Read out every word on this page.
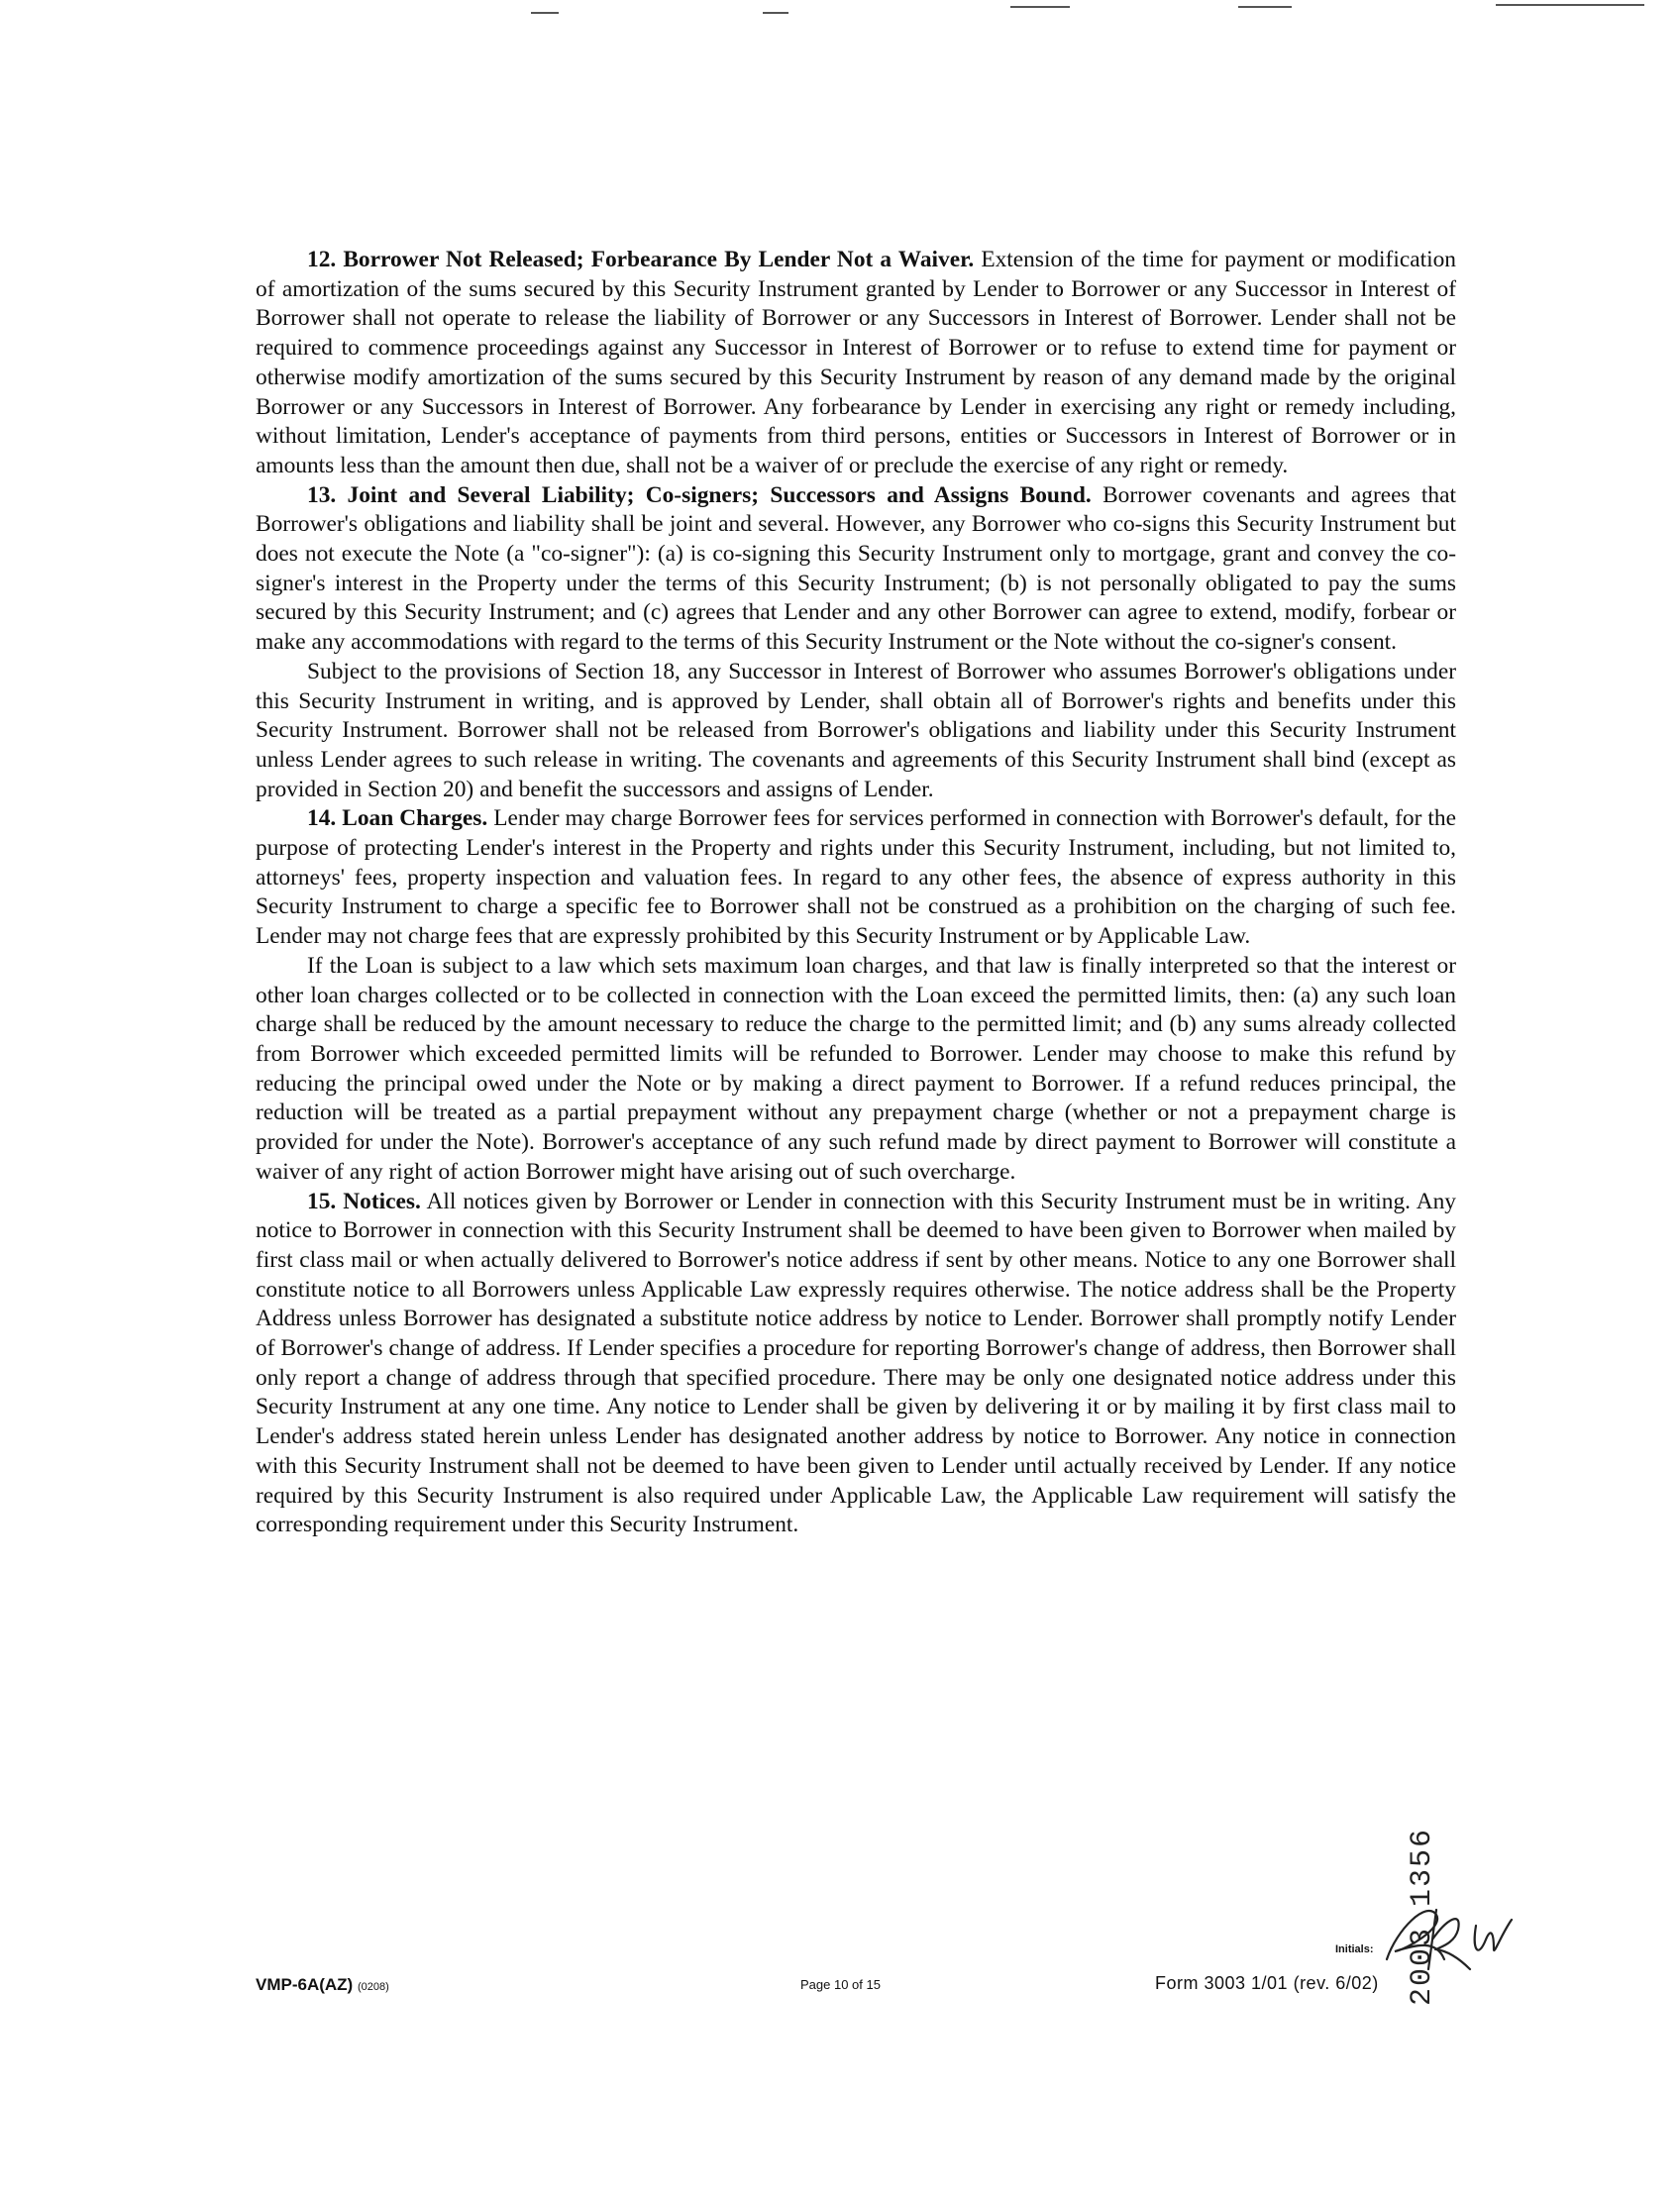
12. Borrower Not Released; Forbearance By Lender Not a Waiver. Extension of the time for payment or modification of amortization of the sums secured by this Security Instrument granted by Lender to Borrower or any Successor in Interest of Borrower shall not operate to release the liability of Borrower or any Successors in Interest of Borrower. Lender shall not be required to commence proceedings against any Successor in Interest of Borrower or to refuse to extend time for payment or otherwise modify amortization of the sums secured by this Security Instrument by reason of any demand made by the original Borrower or any Successors in Interest of Borrower. Any forbearance by Lender in exercising any right or remedy including, without limitation, Lender's acceptance of payments from third persons, entities or Successors in Interest of Borrower or in amounts less than the amount then due, shall not be a waiver of or preclude the exercise of any right or remedy.

13. Joint and Several Liability; Co-signers; Successors and Assigns Bound. Borrower covenants and agrees that Borrower's obligations and liability shall be joint and several. However, any Borrower who co-signs this Security Instrument but does not execute the Note (a "co-signer"): (a) is co-signing this Security Instrument only to mortgage, grant and convey the co-signer's interest in the Property under the terms of this Security Instrument; (b) is not personally obligated to pay the sums secured by this Security Instrument; and (c) agrees that Lender and any other Borrower can agree to extend, modify, forbear or make any accommodations with regard to the terms of this Security Instrument or the Note without the co-signer's consent.

Subject to the provisions of Section 18, any Successor in Interest of Borrower who assumes Borrower's obligations under this Security Instrument in writing, and is approved by Lender, shall obtain all of Borrower's rights and benefits under this Security Instrument. Borrower shall not be released from Borrower's obligations and liability under this Security Instrument unless Lender agrees to such release in writing. The covenants and agreements of this Security Instrument shall bind (except as provided in Section 20) and benefit the successors and assigns of Lender.

14. Loan Charges. Lender may charge Borrower fees for services performed in connection with Borrower's default, for the purpose of protecting Lender's interest in the Property and rights under this Security Instrument, including, but not limited to, attorneys' fees, property inspection and valuation fees. In regard to any other fees, the absence of express authority in this Security Instrument to charge a specific fee to Borrower shall not be construed as a prohibition on the charging of such fee. Lender may not charge fees that are expressly prohibited by this Security Instrument or by Applicable Law.

If the Loan is subject to a law which sets maximum loan charges, and that law is finally interpreted so that the interest or other loan charges collected or to be collected in connection with the Loan exceed the permitted limits, then: (a) any such loan charge shall be reduced by the amount necessary to reduce the charge to the permitted limit; and (b) any sums already collected from Borrower which exceeded permitted limits will be refunded to Borrower. Lender may choose to make this refund by reducing the principal owed under the Note or by making a direct payment to Borrower. If a refund reduces principal, the reduction will be treated as a partial prepayment without any prepayment charge (whether or not a prepayment charge is provided for under the Note). Borrower's acceptance of any such refund made by direct payment to Borrower will constitute a waiver of any right of action Borrower might have arising out of such overcharge.

15. Notices. All notices given by Borrower or Lender in connection with this Security Instrument must be in writing. Any notice to Borrower in connection with this Security Instrument shall be deemed to have been given to Borrower when mailed by first class mail or when actually delivered to Borrower's notice address if sent by other means. Notice to any one Borrower shall constitute notice to all Borrowers unless Applicable Law expressly requires otherwise. The notice address shall be the Property Address unless Borrower has designated a substitute notice address by notice to Lender. Borrower shall promptly notify Lender of Borrower's change of address. If Lender specifies a procedure for reporting Borrower's change of address, then Borrower shall only report a change of address through that specified procedure. There may be only one designated notice address under this Security Instrument at any one time. Any notice to Lender shall be given by delivering it or by mailing it by first class mail to Lender's address stated herein unless Lender has designated another address by notice to Borrower. Any notice in connection with this Security Instrument shall not be deemed to have been given to Lender until actually received by Lender. If any notice required by this Security Instrument is also required under Applicable Law, the Applicable Law requirement will satisfy the corresponding requirement under this Security Instrument.

2003 1356
VMP-6A(AZ) (0208)	Page 10 of 15	Form 3003 1/01 (rev. 6/02)
Initials:
